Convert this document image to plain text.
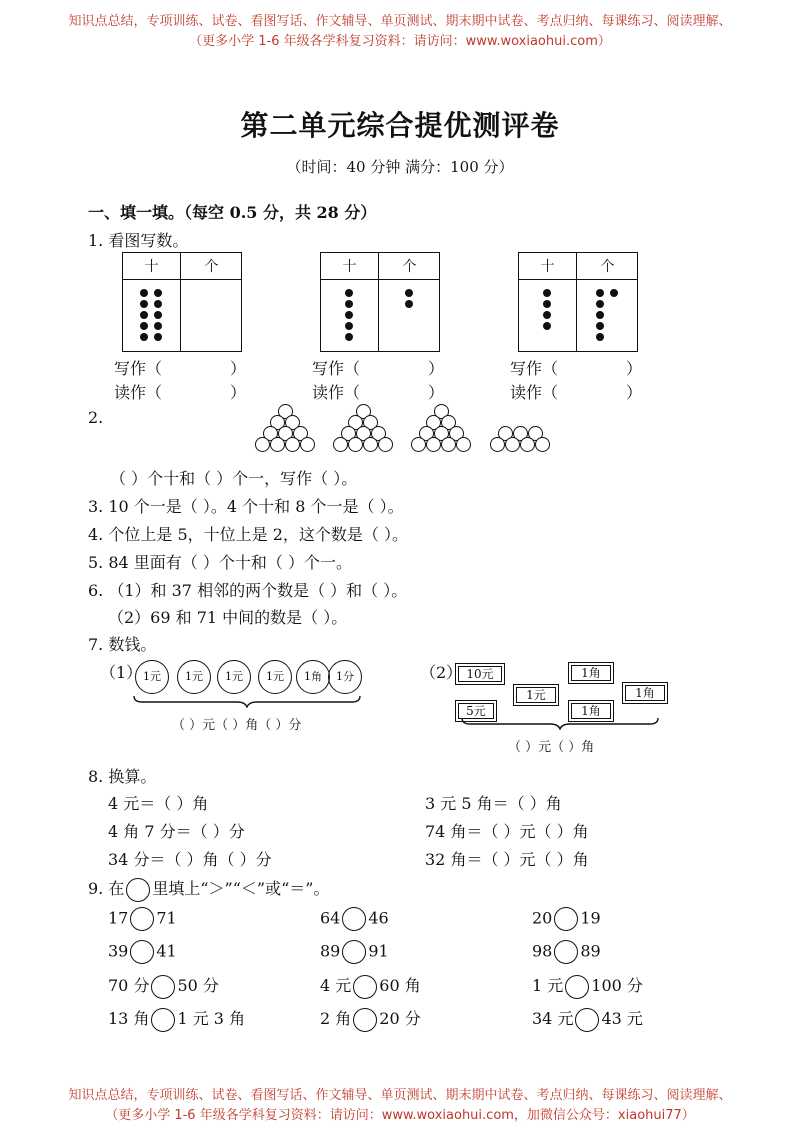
知识点总结，专项训练、试卷、看图写话、作文辅导、单页测试、期末期中试卷、考点归纳、每课练习、阅读理解、
（更多小学 1-6 年级各学科复习资料：请访问：www.woxiaohui.com）
第二单元综合提优测评卷
（时间：40 分钟 满分：100 分）
一、填一填。（每空 0.5 分，共 28 分）
1. 看图写数。
十	个
写作（	）
读作（	）
十	个
写作（	）
读作（	）
十	个
写作（	）
读作（	）
2.
（ ）个十和（ ）个一，写作（ ）。
3. 10 个一是（ ）。4 个十和 8 个一是（ ）。
4. 个位上是 5，十位上是 2，这个数是（ ）。
5. 84 里面有（ ）个十和（ ）个一。
6. （1）和 37 相邻的两个数是（ ）和（ ）。
（2）69 和 71 中间的数是（ ）。
7. 数钱。
（1）	（2）
1元	1元	1元	1元	1角	1分	10元
1元
1角
1角
5元	1角
（ ）元（ ）角（ ）分
（ ）元（ ）角
8. 换算。
4 元＝（ ）角	3 元 5 角＝（ ）角
4 角 7 分＝（ ）分	74 角＝（ ）元（ ）角
34 分＝（ ）角（ ）分	32 角＝（ ）元（ ）角
9. 在 里填上“＞”“＜”或“＝”。
17 71	64 46	20 19
39 41	89 91	98 89
70 分 50 分	4 元 60 角	1 元 100 分
13 角 1 元 3 角	2 角 20 分	34 元 43 元
知识点总结，专项训练、试卷、看图写话、作文辅导、单页测试、期末期中试卷、考点归纳、每课练习、阅读理解、
（更多小学 1-6 年级各学科复习资料：请访问：www.woxiaohui.com，加微信公众号：xiaohui77）
